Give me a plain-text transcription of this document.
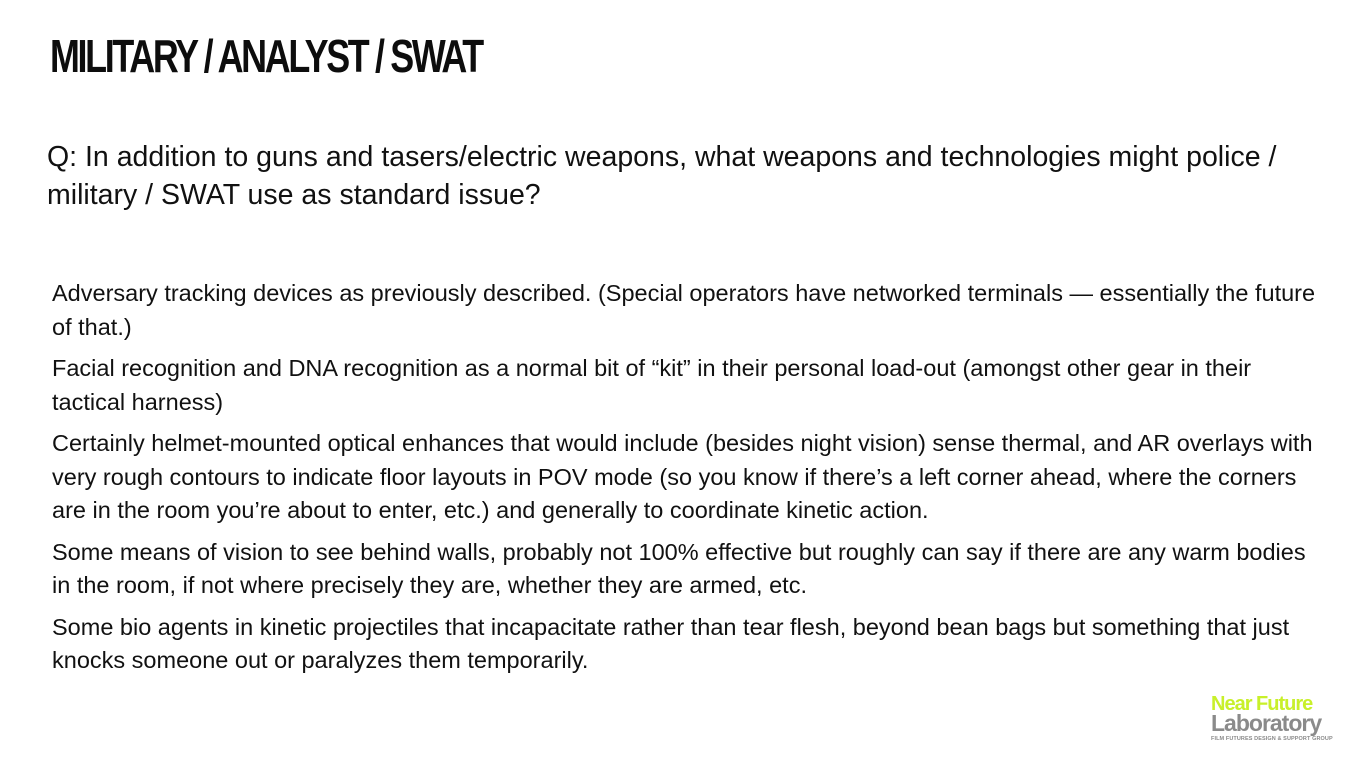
MILITARY / ANALYST / SWAT

Q: In addition to guns and tasers/electric weapons, what weapons and technologies might police / military / SWAT use as standard issue?

Adversary tracking devices as previously described. (Special operators have networked terminals — essentially the future of that.)
Facial recognition and DNA recognition as a normal bit of “kit” in their personal load-out (amongst other gear in their tactical harness)
Certainly helmet-mounted optical enhances that would include (besides night vision) sense thermal, and AR overlays with very rough contours to indicate floor layouts in POV mode (so you know if there’s a left corner ahead, where the corners are in the room you’re about to enter, etc.) and generally to coordinate kinetic action.
Some means of vision to see behind walls, probably not 100% effective but roughly can say if there are any warm bodies in the room, if not where precisely they are, whether they are armed, etc.
Some bio agents in kinetic projectiles that incapacitate rather than tear flesh, beyond bean bags but something that just knocks someone out or paralyzes them temporarily.
Near Future
Laboratory
FILM FUTURES DESIGN & SUPPORT GROUP
